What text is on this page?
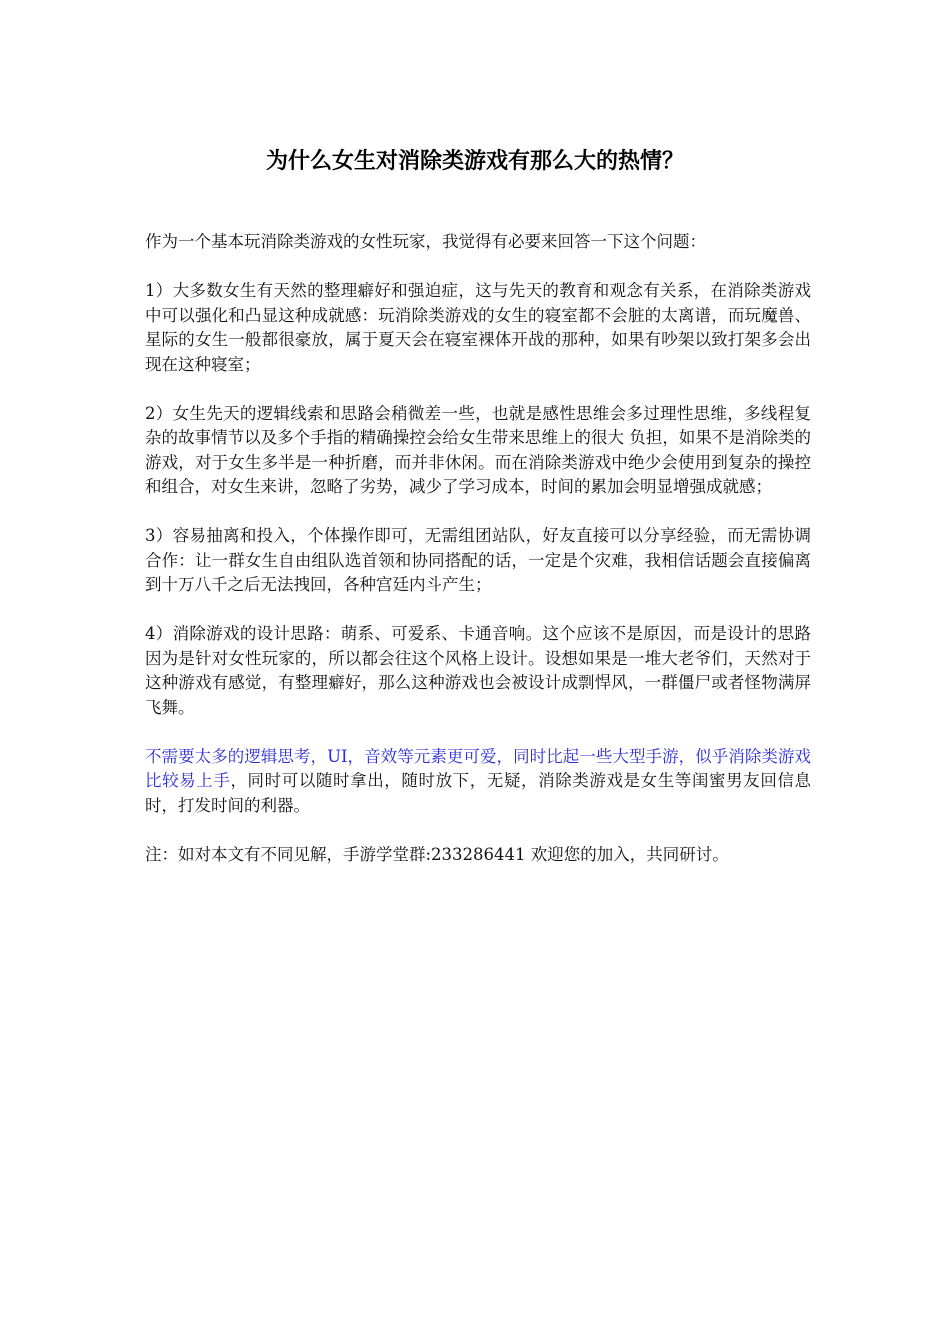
为什么女生对消除类游戏有那么大的热情？

作为一个基本玩消除类游戏的女性玩家，我觉得有必要来回答一下这个问题：

1）大多数女生有天然的整理癖好和强迫症，这与先天的教育和观念有关系，在消除类游戏中可以强化和凸显这种成就感：玩消除类游戏的女生的寝室都不会脏的太离谱，而玩魔兽、星际的女生一般都很豪放，属于夏天会在寝室裸体开战的那种，如果有吵架以致打架多会出现在这种寝室；

2）女生先天的逻辑线索和思路会稍微差一些，也就是感性思维会多过理性思维，多线程复杂的故事情节以及多个手指的精确操控会给女生带来思维上的很大 负担，如果不是消除类的游戏，对于女生多半是一种折磨，而并非休闲。而在消除类游戏中绝少会使用到复杂的操控和组合，对女生来讲，忽略了劣势，减少了学习成本，时间的累加会明显增强成就感；

3）容易抽离和投入，个体操作即可，无需组团站队，好友直接可以分享经验，而无需协调合作：让一群女生自由组队选首领和协同搭配的话，一定是个灾难，我相信话题会直接偏离到十万八千之后无法拽回，各种宫廷内斗产生；

4）消除游戏的设计思路：萌系、可爱系、卡通音响。这个应该不是原因，而是设计的思路因为是针对女性玩家的，所以都会往这个风格上设计。设想如果是一堆大老爷们，天然对于这种游戏有感觉，有整理癖好，那么这种游戏也会被设计成剽悍风，一群僵尸或者怪物满屏飞舞。

不需要太多的逻辑思考，UI，音效等元素更可爱，同时比起一些大型手游，似乎消除类游戏比较易上手，同时可以随时拿出，随时放下，无疑，消除类游戏是女生等闺蜜男友回信息时，打发时间的利器。

注：如对本文有不同见解，手游学堂群:233286441 欢迎您的加入，共同研讨。
